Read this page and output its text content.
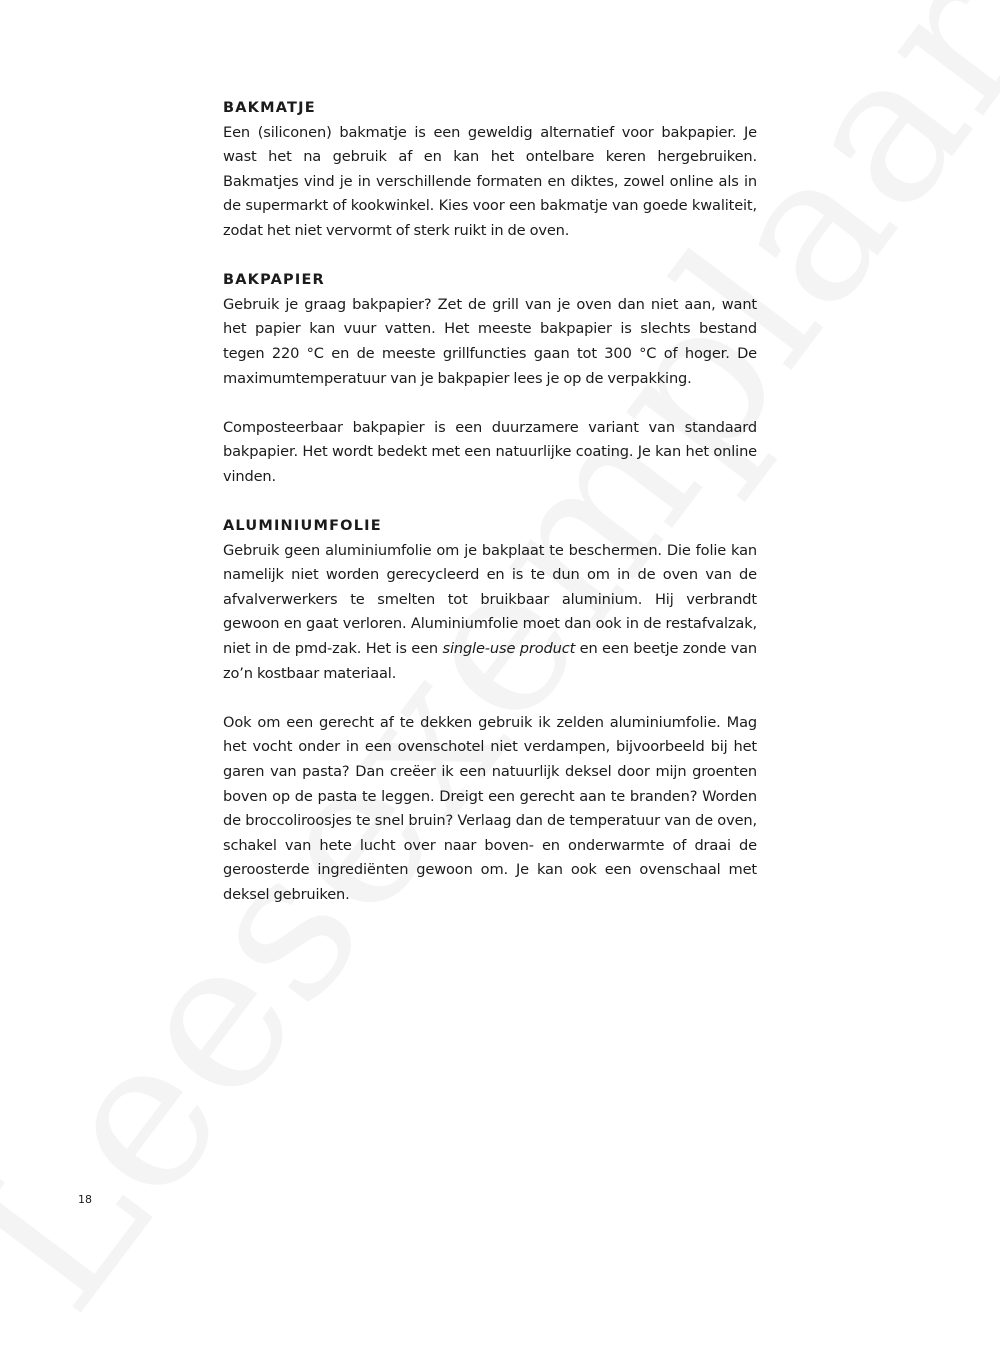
BAKMATJE

Een (siliconen) bakmatje is een geweldig alternatief voor bakpapier. Je wast het na gebruik af en kan het ontelbare keren hergebruiken. Bakmatjes vind je in verschillende formaten en diktes, zowel online als in de supermarkt of kookwinkel. Kies voor een bakmatje van goede kwaliteit, zodat het niet vervormt of sterk ruikt in de oven.

BAKPAPIER

Gebruik je graag bakpapier? Zet de grill van je oven dan niet aan, want het papier kan vuur vatten. Het meeste bakpapier is slechts bestand tegen 220 °C en de meeste grillfuncties gaan tot 300 °C of hoger. De maximumtemperatuur van je bakpapier lees je op de verpakking.

Composteerbaar bakpapier is een duurzamere variant van standaard bakpapier. Het wordt bedekt met een natuurlijke coating. Je kan het online vinden.

ALUMINIUMFOLIE

Gebruik geen aluminiumfolie om je bakplaat te beschermen. Die folie kan namelijk niet worden gerecycleerd en is te dun om in de oven van de afvalverwerkers te smelten tot bruikbaar aluminium. Hij verbrandt gewoon en gaat verloren. Aluminiumfolie moet dan ook in de restafvalzak, niet in de pmd-zak. Het is een single-use product en een beetje zonde van zo’n kostbaar materiaal.

Ook om een gerecht af te dekken gebruik ik zelden aluminiumfolie. Mag het vocht onder in een ovenschotel niet verdampen, bijvoorbeeld bij het garen van pasta? Dan creëer ik een natuurlijk deksel door mijn groenten boven op de pasta te leggen. Dreigt een gerecht aan te branden? Worden de broccoliroosjes te snel bruin? Verlaag dan de temperatuur van de oven, schakel van hete lucht over naar boven- en onderwarmte of draai de geroosterde ingrediënten gewoon om. Je kan ook een ovenschaal met deksel gebruiken.

18
